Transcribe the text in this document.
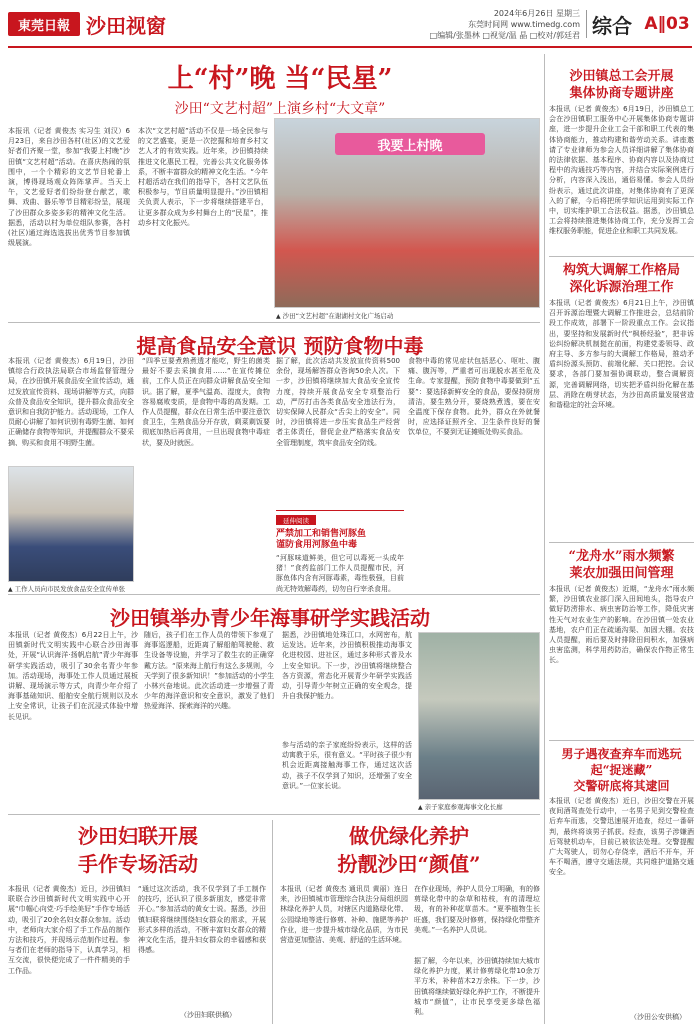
東莞日報 沙田视窗
2024年6月26日 星期三
东莞时间网 www.timedg.com
□编辑/张墨林 □视觉/温 晶 □校对/郭廷君 综合 A‖03
上“村”晚 当“民星”
沙田“文艺村超”上演乡村“大文章”
本报讯（记者 黄俊杰 实习生 刘汉）6月23日，来自沙田各村(社区)的文艺爱好者们齐聚一堂，参加“我要上村晚”沙田镇“文艺村超”活动。在喜庆热闹的氛围中，一个个精彩的文艺节目轮番上演，博得现场观众阵阵掌声。当天上午，文艺爱好者们纷纷登台献艺，歌舞、戏曲、器乐等节目精彩纷呈，展现了沙田群众多姿多彩的精神文化生活。据悉，活动以村为单位组队参赛，各村(社区)通过海选选拔出优秀节目参加镇级展演。
本次“文艺村超”活动不仅是一场全民参与的文艺盛宴，更是一次挖掘和培育乡村文艺人才的有效实践。近年来，沙田镇持续推进文化惠民工程，完善公共文化服务体系，不断丰富群众的精神文化生活。“今年村超活动在我们的指导下，各村文艺队伍积极参与，节目质量明显提升。”沙田镇相关负责人表示，下一步将继续搭建平台，让更多群众成为乡村舞台上的“民星”，推动乡村文化振兴。
我要上村晚
▲ 沙田“文艺村超”在谢湖村文化广场启动
提高食品安全意识 预防食物中毒
本报讯（记者 黄俊杰）6月19日，沙田镇综合行政执法局联合市场监督管理分局，在沙田镇开展食品安全宣传活动，通过发放宣传资料、现场讲解等方式，向群众普及食品安全知识，提升群众食品安全意识和自我防护能力。活动现场，工作人员耐心讲解了如何识别有毒野生菌、如何正确储存食物等知识，并提醒群众不要采摘、购买和食用不明野生菌。
▲ 工作人员向市民发放食品安全宣传单张
“四季豆要煮熟煮透才能吃，野生的菌类最好不要去采摘食用……”在宣传摊位前，工作人员正在向群众讲解食品安全知识。据了解，夏季气温高、湿度大，食物容易腐败变质，是食物中毒的高发期。工作人员提醒，群众在日常生活中要注意饮食卫生，生熟食品分开存放，剩菜剩饭要彻底加热后再食用，一旦出现食物中毒症状，要及时就医。
据了解，此次活动共发放宣传资料500余份，现场解答群众咨询50余人次。下一步，沙田镇将继续加大食品安全宣传力度，持续开展食品安全专项整治行动，严厉打击各类食品安全违法行为，切实保障人民群众“舌尖上的安全”。同时，沙田镇将进一步压实食品生产经营者主体责任，督促企业严格落实食品安全管理制度，筑牢食品安全防线。
食物中毒的常见症状包括恶心、呕吐、腹痛、腹泻等，严重者可出现脱水甚至危及生命。专家提醒，预防食物中毒要做到“五要”：要选择新鲜安全的食品，要保持厨房清洁，要生熟分开，要烧熟煮透，要在安全温度下保存食物。此外，群众在外就餐时，应选择证照齐全、卫生条件良好的餐饮单位，不要到无证摊贩处购买食品。
延伸阅读
严禁加工和销售河豚鱼
谨防食用河豚鱼中毒
“河豚味道鲜美，但它可以毒死一头成年猪！”食药监部门工作人员提醒市民，河豚鱼体内含有河豚毒素，毒性极强，目前尚无特效解毒药，切勿自行宰杀食用。
沙田镇举办青少年海事研学实践活动
本报讯（记者 黄俊杰）6月22日上午，沙田镇新时代文明实践中心联合沙田海事处，开展“认识海洋·扬帆启航”青少年海事研学实践活动，吸引了30余名青少年参加。活动现场，海事处工作人员通过展板讲解、现场演示等方式，向青少年介绍了海事基础知识、船舶安全航行规则以及水上安全常识，让孩子们在沉浸式体验中增长见识。
随后，孩子们在工作人员的带领下参观了海事巡逻船，近距离了解船舶驾驶舱、救生设备等设施，并学习了救生衣的正确穿戴方法。“原来海上航行有这么多规则，今天学到了很多新知识！”参加活动的小学生小林兴奋地说。此次活动进一步增强了青少年的海洋意识和安全意识，激发了他们热爱海洋、探索海洋的兴趣。
据悉，沙田镇地处珠江口，水网密布，航运发达。近年来，沙田镇积极推动海事文化进校园、进社区，通过多种形式普及水上安全知识。下一步，沙田镇将继续整合各方资源，常态化开展青少年研学实践活动，引导青少年树立正确的安全观念，提升自我保护能力。
▲ 亲子家庭参观海事文化长廊
参与活动的亲子家庭纷纷表示，这样的活动寓教于乐，很有意义。“平时孩子很少有机会近距离接触海事工作，通过这次活动，孩子不仅学到了知识，还增强了安全意识。”一位家长说。
沙田妇联开展
手作专场活动
本报讯（记者 黄俊杰）近日，沙田镇妇联联合沙田镇新时代文明实践中心开展“巾帼心向党·巧手绘美好”手作专场活动，吸引了20余名妇女群众参加。活动中，老师向大家介绍了手工作品的制作方法和技巧，并现场示范制作过程。参与者们在老师的指导下，认真学习，相互交流，很快便完成了一件件精美的手工作品。
“通过这次活动，我不仅学到了手工制作的技巧，还认识了很多新朋友，感觉非常开心。”参加活动的黄女士说。据悉，沙田镇妇联将继续围绕妇女群众的需求，开展形式多样的活动，不断丰富妇女群众的精神文化生活，提升妇女群众的幸福感和获得感。
（沙田妇联供稿）
做优绿化养护
扮靓沙田“颜值”
本报讯（记者 黄俊杰 通讯员 黄丽）连日来，沙田镇城市管理综合执法分局组织园林绿化养护人员，对辖区内道路绿化带、公园绿地等进行修剪、补种、施肥等养护作业，进一步提升城市绿化品质，为市民营造更加整洁、美观、舒适的生活环境。
在作业现场，养护人员分工明确，有的修剪绿化带中的杂草和枯枝，有的清理垃圾，有的补种花草苗木。“夏季植物生长旺盛，我们要及时修剪，保持绿化带整齐美观。”一名养护人员说。
据了解，今年以来，沙田镇持续加大城市绿化养护力度，累计修剪绿化带10余万平方米，补种苗木2万余株。下一步，沙田镇将继续做好绿化养护工作，不断提升城市“颜值”，让市民享受更多绿色福利。
沙田镇总工会开展
集体协商专题讲座
本报讯（记者 黄俊杰）6月19日，沙田镇总工会在沙田镇职工服务中心开展集体协商专题讲座，进一步提升企业工会干部和职工代表的集体协商能力，推动构建和谐劳动关系。讲座邀请了专业律师为参会人员详细讲解了集体协商的法律依据、基本程序、协商内容以及协商过程中的沟通技巧等内容，并结合实际案例进行分析，内容深入浅出，通俗易懂。参会人员纷纷表示，通过此次讲座，对集体协商有了更深入的了解，今后将把所学知识运用到实际工作中，切实维护职工合法权益。据悉，沙田镇总工会将持续推进集体协商工作，充分发挥工会维权服务职能，促进企业和职工共同发展。
构筑大调解工作格局
深化诉源治理工作
本报讯（记者 黄俊杰）6月21日上午，沙田镇召开诉源治理暨大调解工作推进会，总结前阶段工作成效，部署下一阶段重点工作。会议指出，要坚持和发展新时代“枫桥经验”，把非诉讼纠纷解决机制挺在前面，构建党委领导、政府主导、多方参与的大调解工作格局，推动矛盾纠纷源头预防、前端化解、关口把控。会议要求，各部门要加强协调联动，整合调解资源，完善调解网络，切实把矛盾纠纷化解在基层、消除在萌芽状态，为沙田高质量发展营造和谐稳定的社会环境。
“龙舟水”雨水频繁
莱农加强田间管理
本报讯（记者 黄俊杰）近期，“龙舟水”雨水频繁，沙田镇农业部门深入田间地头，指导农户做好防涝排水、病虫害防治等工作，降低灾害性天气对农业生产的影响。在沙田镇一处农业基地，农户们正在疏通沟渠、加固大棚。农技人员提醒，雨后要及时排除田间积水，加强病虫害监测，科学用药防治，确保农作物正常生长。
男子遇夜查弃车而逃玩起“捉迷藏”
交警研底将其逮回
本报讯（记者 黄俊杰）近日，沙田交警在开展夜间酒驾查处行动中，一名男子见到交警检查后弃车而逃，交警迅速展开追查，经过一番研判，最终将该男子抓获。经查，该男子涉嫌酒后驾驶机动车，目前已被依法处理。交警提醒广大驾驶人，切勿心存侥幸，酒后不开车，开车不喝酒，遵守交通法规，共同维护道路交通安全。
（沙田公安供稿）
